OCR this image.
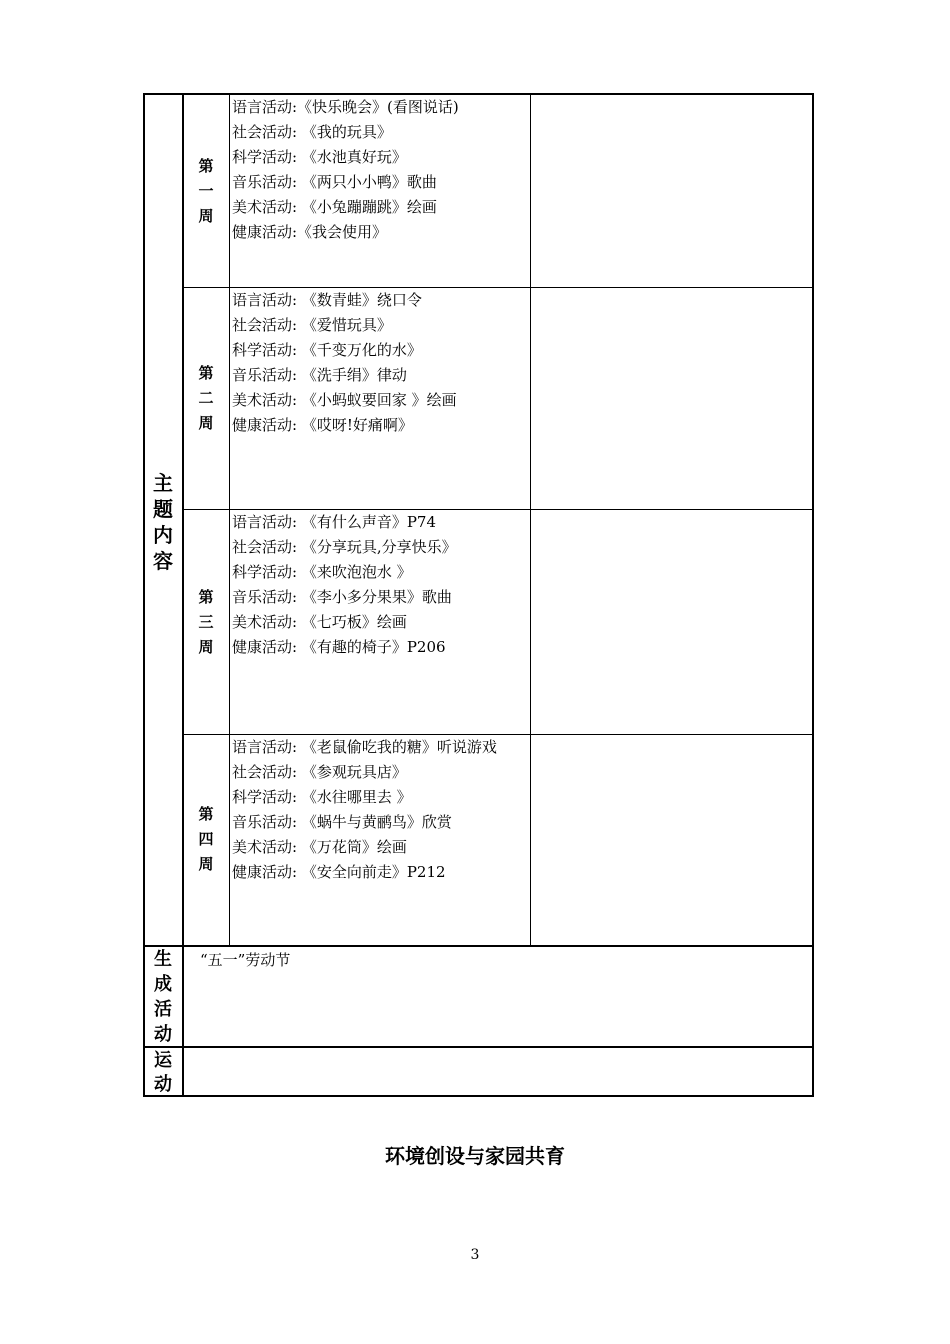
主
题
内
容
第
一
周
语言活动:《快乐晚会》(看图说话)
社会活动: 《我的玩具》
科学活动: 《水池真好玩》
音乐活动: 《两只小小鸭》歌曲
美术活动: 《小兔蹦蹦跳》绘画
健康活动:《我会使用》
第
二
周
语言活动: 《数青蛙》绕口令
社会活动: 《爱惜玩具》
科学活动: 《千变万化的水》
音乐活动: 《洗手绢》律动
美术活动: 《小蚂蚁要回家 》绘画
健康活动: 《哎呀!好痛啊》
第
三
周
语言活动: 《有什么声音》P74
社会活动: 《分享玩具,分享快乐》
科学活动: 《来吹泡泡水 》
音乐活动: 《李小多分果果》歌曲
美术活动: 《七巧板》绘画
健康活动: 《有趣的椅子》P206
第
四
周
语言活动: 《老鼠偷吃我的糖》听说游戏
社会活动: 《参观玩具店》
科学活动: 《水往哪里去 》
音乐活动: 《蜗牛与黄鹂鸟》欣赏
美术活动: 《万花筒》绘画
健康活动: 《安全向前走》P212
生
成
活
动
“五一”劳动节
运
动
环境创设与家园共育
3
